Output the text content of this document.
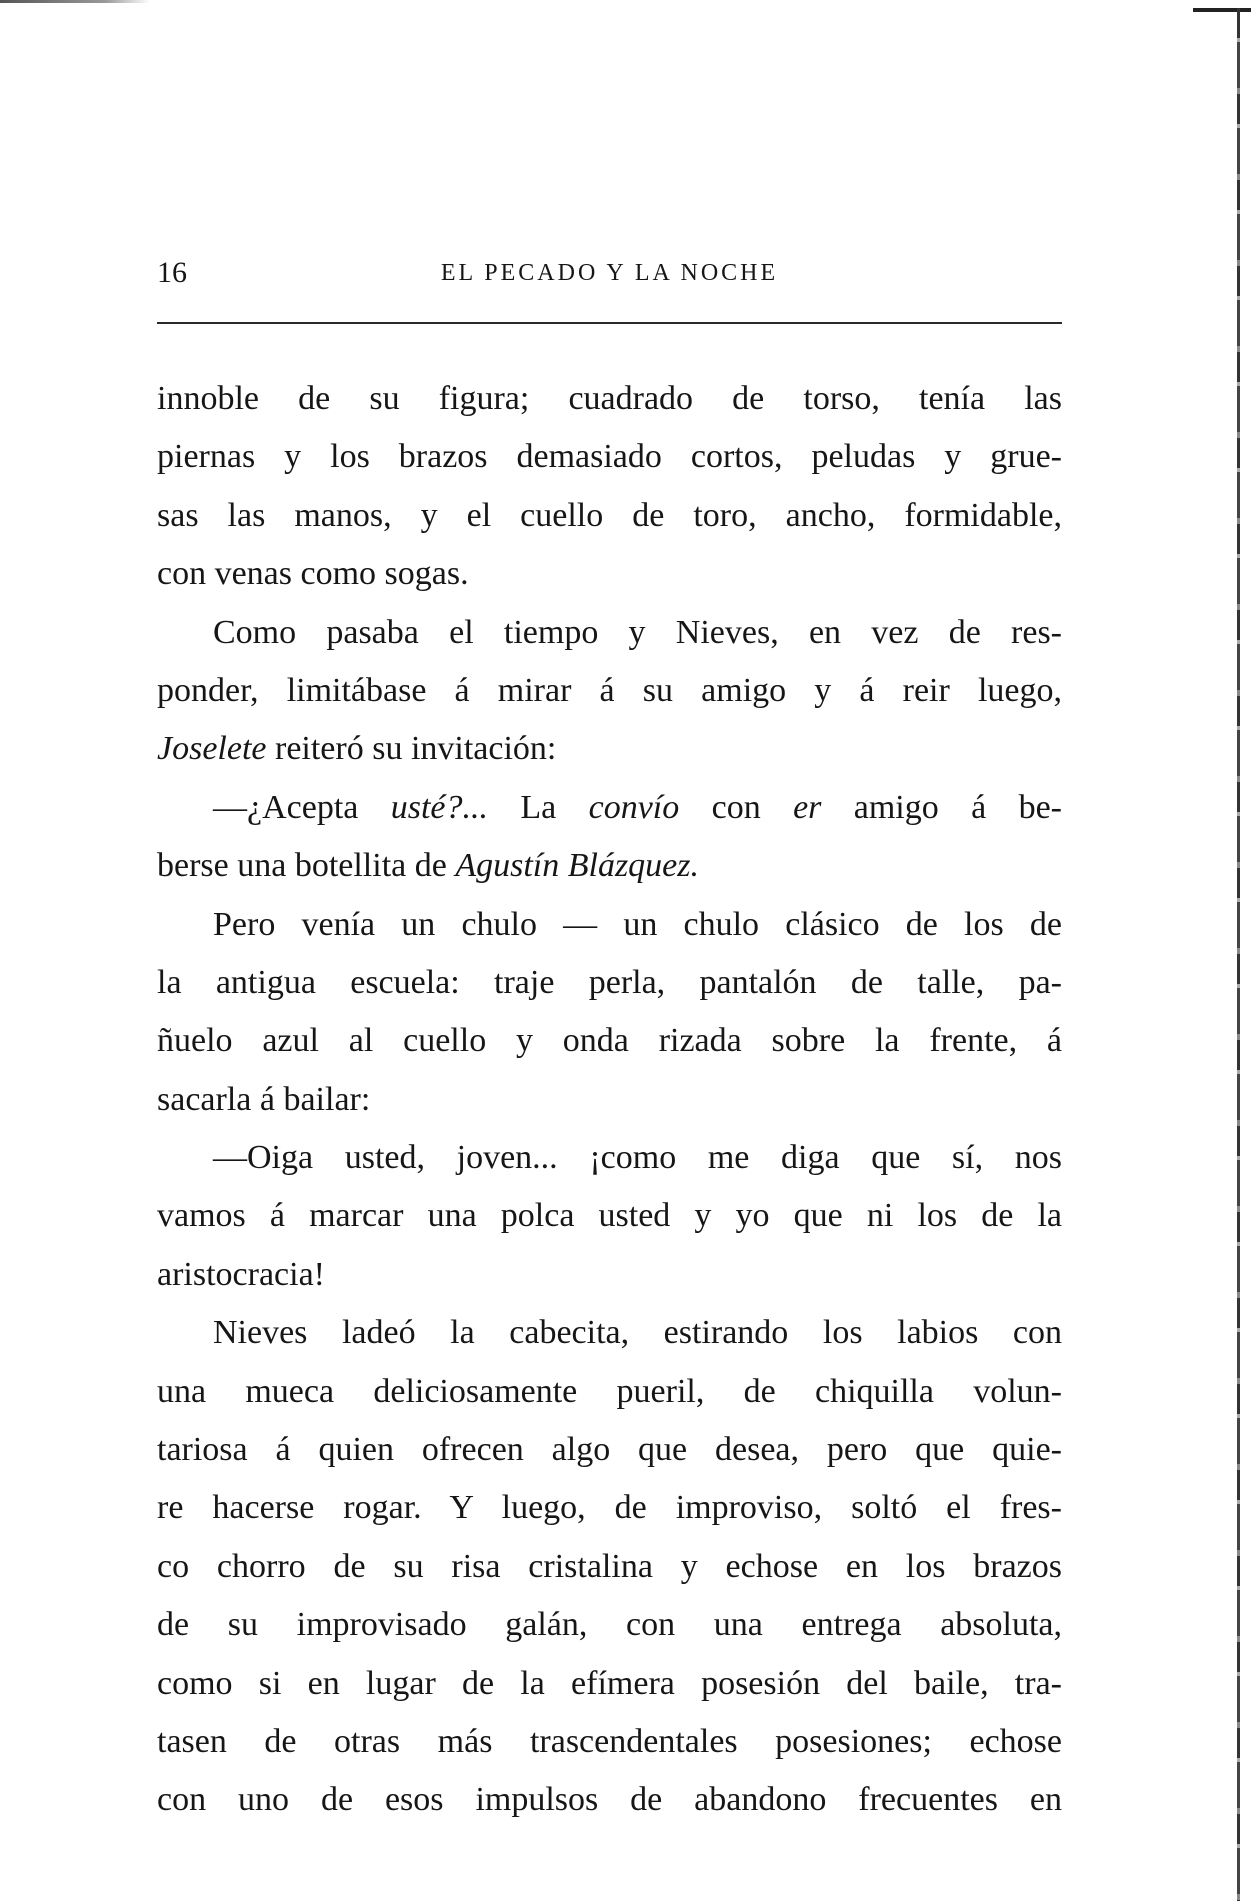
16	EL PECADO Y LA NOCHE
innoble de su figura; cuadrado de torso, tenía las
piernas y los brazos demasiado cortos, peludas y grue-
sas las manos, y el cuello de toro, ancho, formidable,
con venas como sogas.
Como pasaba el tiempo y Nieves, en vez de res-
ponder, limitábase á mirar á su amigo y á reir luego,
Joselete reiteró su invitación:
—¿Acepta usté?... La convío con er amigo á be-
berse una botellita de Agustín Blázquez.
Pero venía un chulo — un chulo clásico de los de
la antigua escuela: traje perla, pantalón de talle, pa-
ñuelo azul al cuello y onda rizada sobre la frente, á
sacarla á bailar:
—Oiga usted, joven... ¡como me diga que sí, nos
vamos á marcar una polca usted y yo que ni los de la
aristocracia!
Nieves ladeó la cabecita, estirando los labios con
una mueca deliciosamente pueril, de chiquilla volun-
tariosa á quien ofrecen algo que desea, pero que quie-
re hacerse rogar. Y luego, de improviso, soltó el fres-
co chorro de su risa cristalina y echose en los brazos
de su improvisado galán, con una entrega absoluta,
como si en lugar de la efímera posesión del baile, tra-
tasen de otras más trascendentales posesiones; echose
con uno de esos impulsos de abandono frecuentes en
